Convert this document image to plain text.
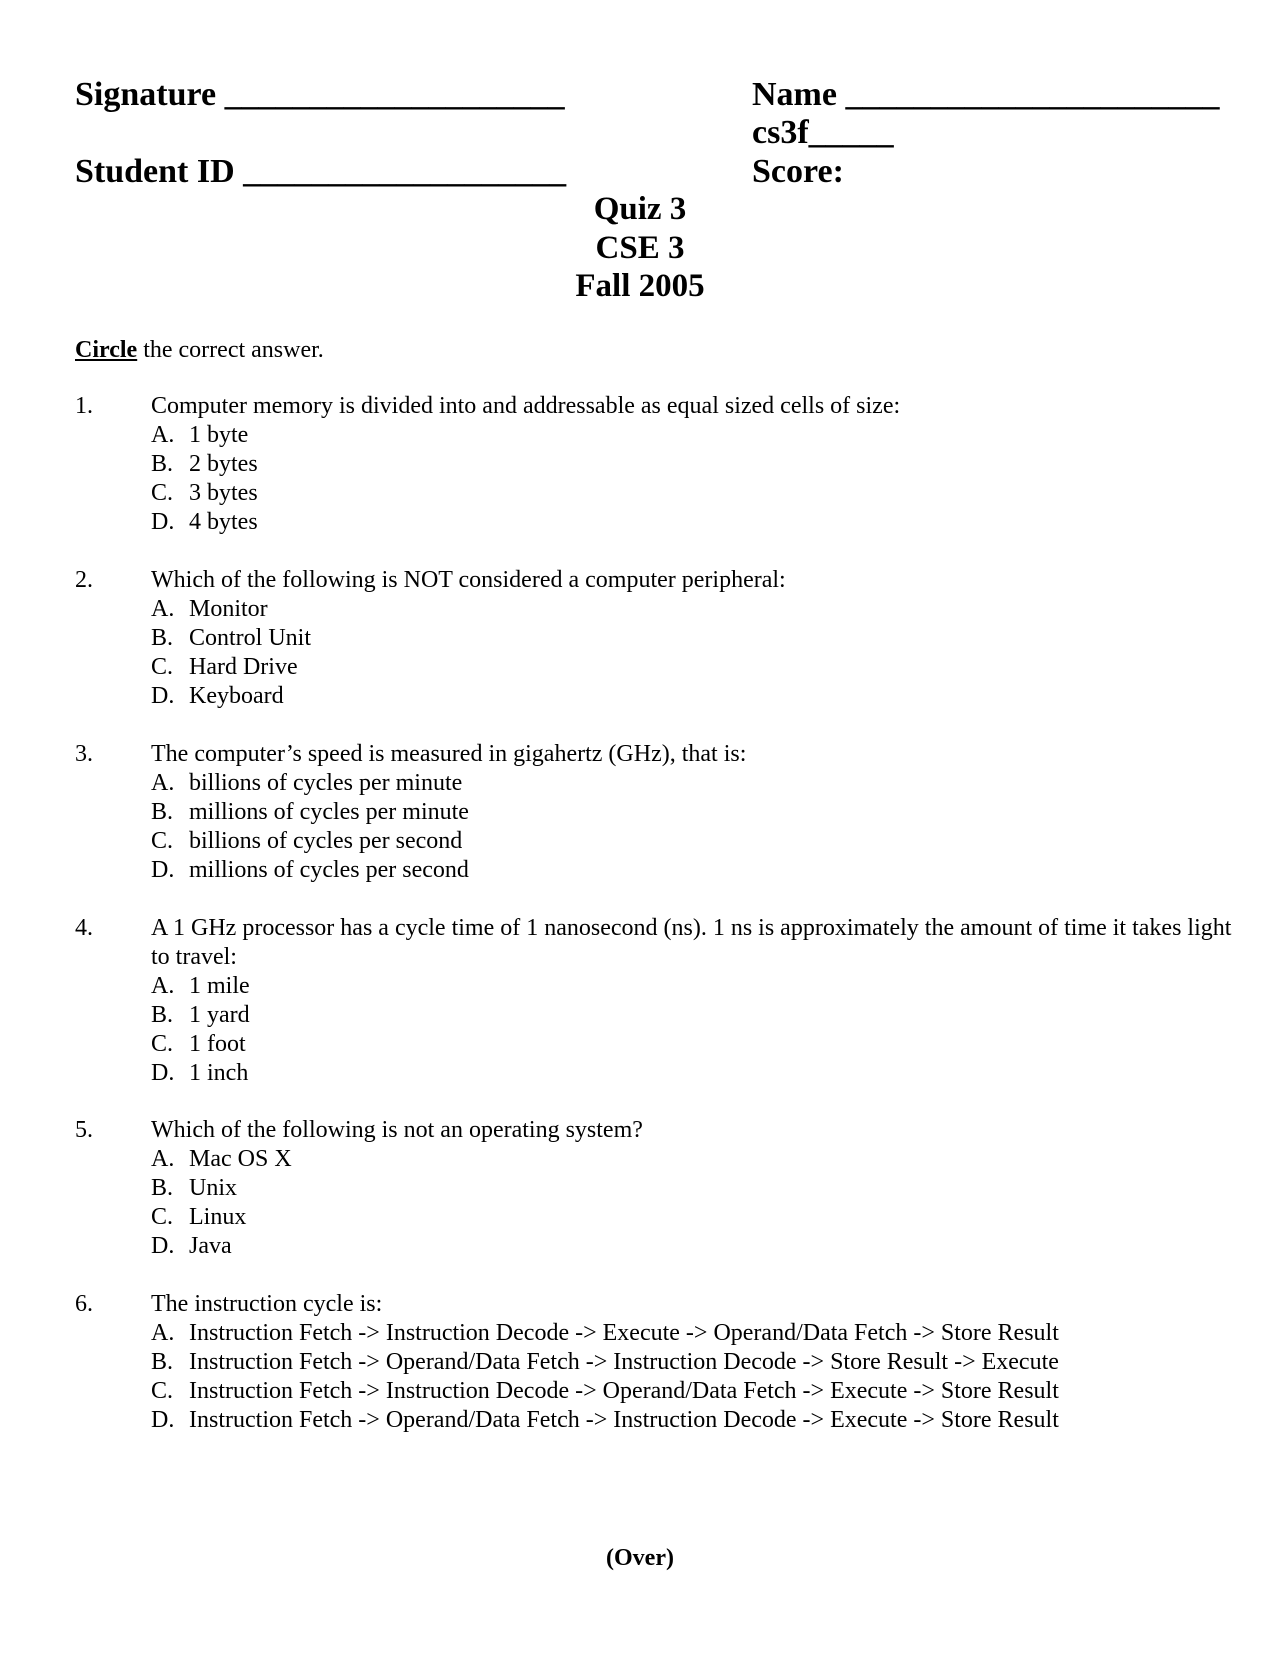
Signature ____________________
Student ID ___________________
Name ______________________
cs3f_____
Score:
Quiz 3
CSE 3
Fall 2005
Circle the correct answer.
1. Computer memory is divided into and addressable as equal sized cells of size:
A. 1 byte
B. 2 bytes
C. 3 bytes
D. 4 bytes
2. Which of the following is NOT considered a computer peripheral:
A. Monitor
B. Control Unit
C. Hard Drive
D. Keyboard
3. The computer’s speed is measured in gigahertz (GHz), that is:
A. billions of cycles per minute
B. millions of cycles per minute
C. billions of cycles per second
D. millions of cycles per second
4. A 1 GHz processor has a cycle time of 1 nanosecond (ns). 1 ns is approximately the amount of time it takes light to travel:
A. 1 mile
B. 1 yard
C. 1 foot
D. 1 inch
5. Which of the following is not an operating system?
A. Mac OS X
B. Unix
C. Linux
D. Java
6. The instruction cycle is:
A. Instruction Fetch -> Instruction Decode -> Execute -> Operand/Data Fetch -> Store Result
B. Instruction Fetch -> Operand/Data Fetch -> Instruction Decode -> Store Result -> Execute
C. Instruction Fetch -> Instruction Decode -> Operand/Data Fetch -> Execute -> Store Result
D. Instruction Fetch -> Operand/Data Fetch -> Instruction Decode -> Execute -> Store Result
(Over)
